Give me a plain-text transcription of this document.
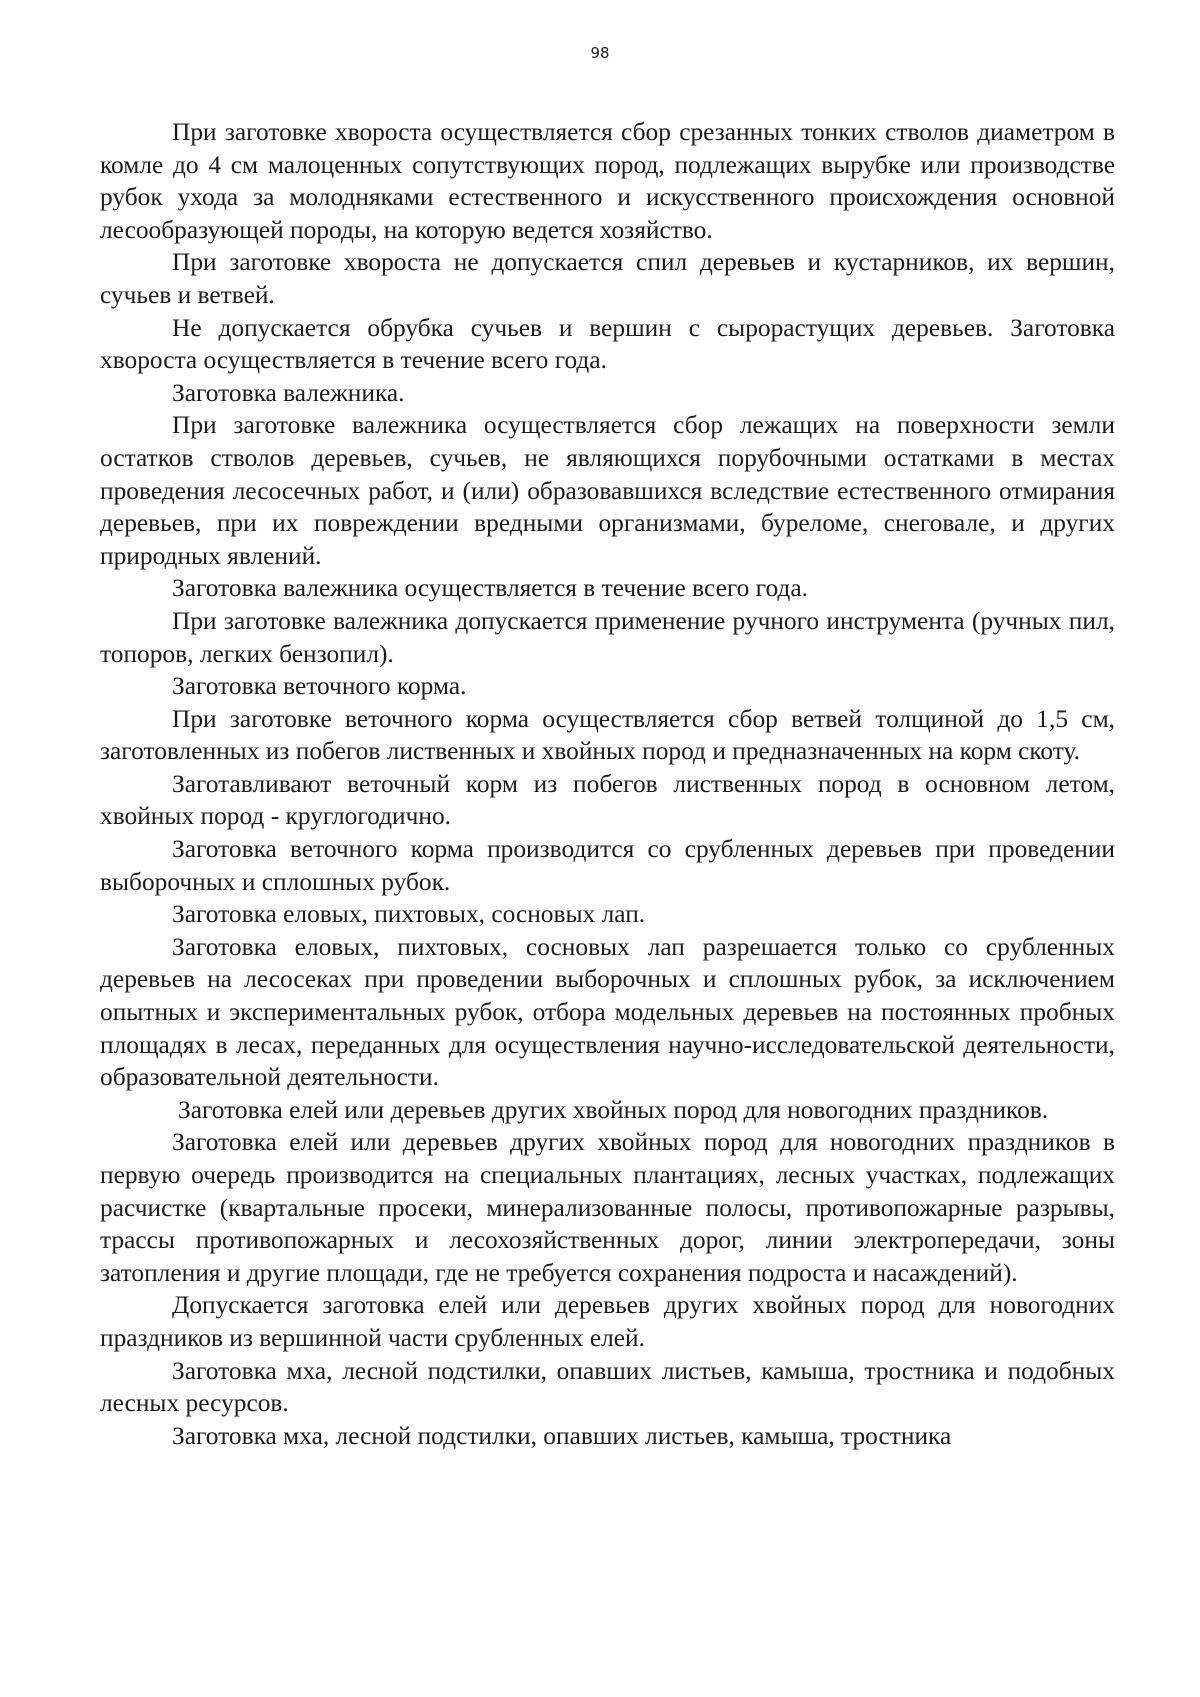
98

При заготовке хвороста осуществляется сбор срезанных тонких стволов диаметром в комле до 4 см малоценных сопутствующих пород, подлежащих вырубке или производстве рубок ухода за молодняками естественного и искусственного происхождения основной лесообразующей породы, на которую ведется хозяйство.

При заготовке хвороста не допускается спил деревьев и кустарников, их вершин, сучьев и ветвей.

Не допускается обрубка сучьев и вершин с сырорастущих деревьев. Заготовка хвороста осуществляется в течение всего года.

Заготовка валежника.

При заготовке валежника осуществляется сбор лежащих на поверхности земли остатков стволов деревьев, сучьев, не являющихся порубочными остатками в местах проведения лесосечных работ, и (или) образовавшихся вследствие естественного отмирания деревьев, при их повреждении вредными организмами, буреломе, снеговале, и других природных явлений.

Заготовка валежника осуществляется в течение всего года.

При заготовке валежника допускается применение ручного инструмента (ручных пил, топоров, легких бензопил).

Заготовка веточного корма.

При заготовке веточного корма осуществляется сбор ветвей толщиной до 1,5 см, заготовленных из побегов лиственных и хвойных пород и предназначенных на корм скоту.

Заготавливают веточный корм из побегов лиственных пород в основном летом, хвойных пород - круглогодично.

Заготовка веточного корма производится со срубленных деревьев при проведении выборочных и сплошных рубок.

Заготовка еловых, пихтовых, сосновых лап.

Заготовка еловых, пихтовых, сосновых лап разрешается только со срубленных деревьев на лесосеках при проведении выборочных и сплошных рубок, за исключением опытных и экспериментальных рубок, отбора модельных деревьев на постоянных пробных площадях в лесах, переданных для осуществления научно-исследовательской деятельности, образовательной деятельности.

Заготовка елей или деревьев других хвойных пород для новогодних праздников.

Заготовка елей или деревьев других хвойных пород для новогодних праздников в первую очередь производится на специальных плантациях, лесных участках, подлежащих расчистке (квартальные просеки, минерализованные полосы, противопожарные разрывы, трассы противопожарных и лесохозяйственных дорог, линии электропередачи, зоны затопления и другие площади, где не требуется сохранения подроста и насаждений).

Допускается заготовка елей или деревьев других хвойных пород для новогодних праздников из вершинной части срубленных елей.

Заготовка мха, лесной подстилки, опавших листьев, камыша, тростника и подобных лесных ресурсов.

Заготовка мха, лесной подстилки, опавших листьев, камыша, тростника
